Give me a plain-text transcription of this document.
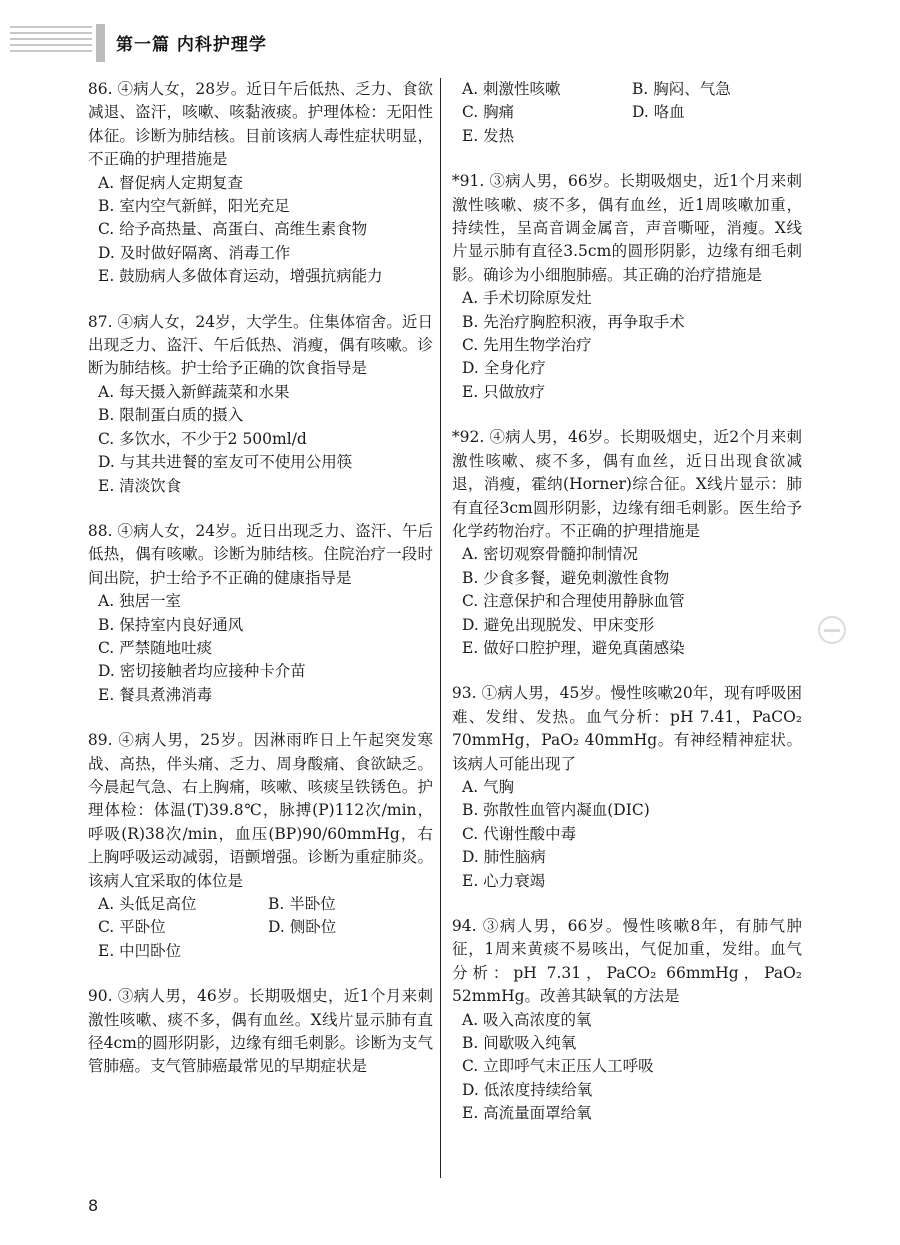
第一篇 内科护理学

86. ④病人女，28岁。近日午后低热、乏力、食欲减退、盗汗，咳嗽、咳黏液痰。护理体检：无阳性体征。诊断为肺结核。目前该病人毒性症状明显，不正确的护理措施是

A. 督促病人定期复查
B. 室内空气新鲜，阳光充足
C. 给予高热量、高蛋白、高维生素食物
D. 及时做好隔离、消毒工作
E. 鼓励病人多做体育运动，增强抗病能力

87. ④病人女，24岁，大学生。住集体宿舍。近日出现乏力、盗汗、午后低热、消瘦，偶有咳嗽。诊断为肺结核。护士给予正确的饮食指导是

A. 每天摄入新鲜蔬菜和水果
B. 限制蛋白质的摄入
C. 多饮水，不少于2 500ml/d
D. 与其共进餐的室友可不使用公用筷
E. 清淡饮食

88. ④病人女，24岁。近日出现乏力、盗汗、午后低热，偶有咳嗽。诊断为肺结核。住院治疗一段时间出院，护士给予不正确的健康指导是

A. 独居一室
B. 保持室内良好通风
C. 严禁随地吐痰
D. 密切接触者均应接种卡介苗
E. 餐具煮沸消毒

89. ④病人男，25岁。因淋雨昨日上午起突发寒战、高热，伴头痛、乏力、周身酸痛、食欲缺乏。今晨起气急、右上胸痛，咳嗽、咳痰呈铁锈色。护理体检：体温(T)39.8℃，脉搏(P)112次/min，呼吸(R)38次/min，血压(BP)90/60mmHg，右上胸呼吸运动减弱，语颤增强。诊断为重症肺炎。该病人宜采取的体位是

A. 头低足高位	B. 半卧位
C. 平卧位	D. 侧卧位
E. 中凹卧位

90. ③病人男，46岁。长期吸烟史，近1个月来刺激性咳嗽、痰不多，偶有血丝。X线片显示肺有直径4cm的圆形阴影，边缘有细毛刺影。诊断为支气管肺癌。支气管肺癌最常见的早期症状是

A. 刺激性咳嗽	B. 胸闷、气急
C. 胸痛	D. 咯血
E. 发热

*91. ③病人男，66岁。长期吸烟史，近1个月来刺激性咳嗽、痰不多，偶有血丝，近1周咳嗽加重，持续性，呈高音调金属音，声音嘶哑，消瘦。X线片显示肺有直径3.5cm的圆形阴影，边缘有细毛刺影。确诊为小细胞肺癌。其正确的治疗措施是

A. 手术切除原发灶
B. 先治疗胸腔积液，再争取手术
C. 先用生物学治疗
D. 全身化疗
E. 只做放疗

*92. ④病人男，46岁。长期吸烟史，近2个月来刺激性咳嗽、痰不多，偶有血丝，近日出现食欲减退，消瘦，霍纳(Horner)综合征。X线片显示：肺有直径3cm圆形阴影，边缘有细毛刺影。医生给予化学药物治疗。不正确的护理措施是

A. 密切观察骨髓抑制情况
B. 少食多餐，避免刺激性食物
C. 注意保护和合理使用静脉血管
D. 避免出现脱发、甲床变形
E. 做好口腔护理，避免真菌感染

93. ①病人男，45岁。慢性咳嗽20年，现有呼吸困难、发绀、发热。血气分析：pH 7.41，PaCO₂ 70mmHg，PaO₂ 40mmHg。有神经精神症状。该病人可能出现了

A. 气胸
B. 弥散性血管内凝血(DIC)
C. 代谢性酸中毒
D. 肺性脑病
E. 心力衰竭

94. ③病人男，66岁。慢性咳嗽8年，有肺气肿征，1周来黄痰不易咳出，气促加重，发绀。血气分析：pH 7.31，PaCO₂ 66mmHg，PaO₂ 52mmHg。改善其缺氧的方法是

A. 吸入高浓度的氧
B. 间歇吸入纯氧
C. 立即呼气末正压人工呼吸
D. 低浓度持续给氧
E. 高流量面罩给氧
8
